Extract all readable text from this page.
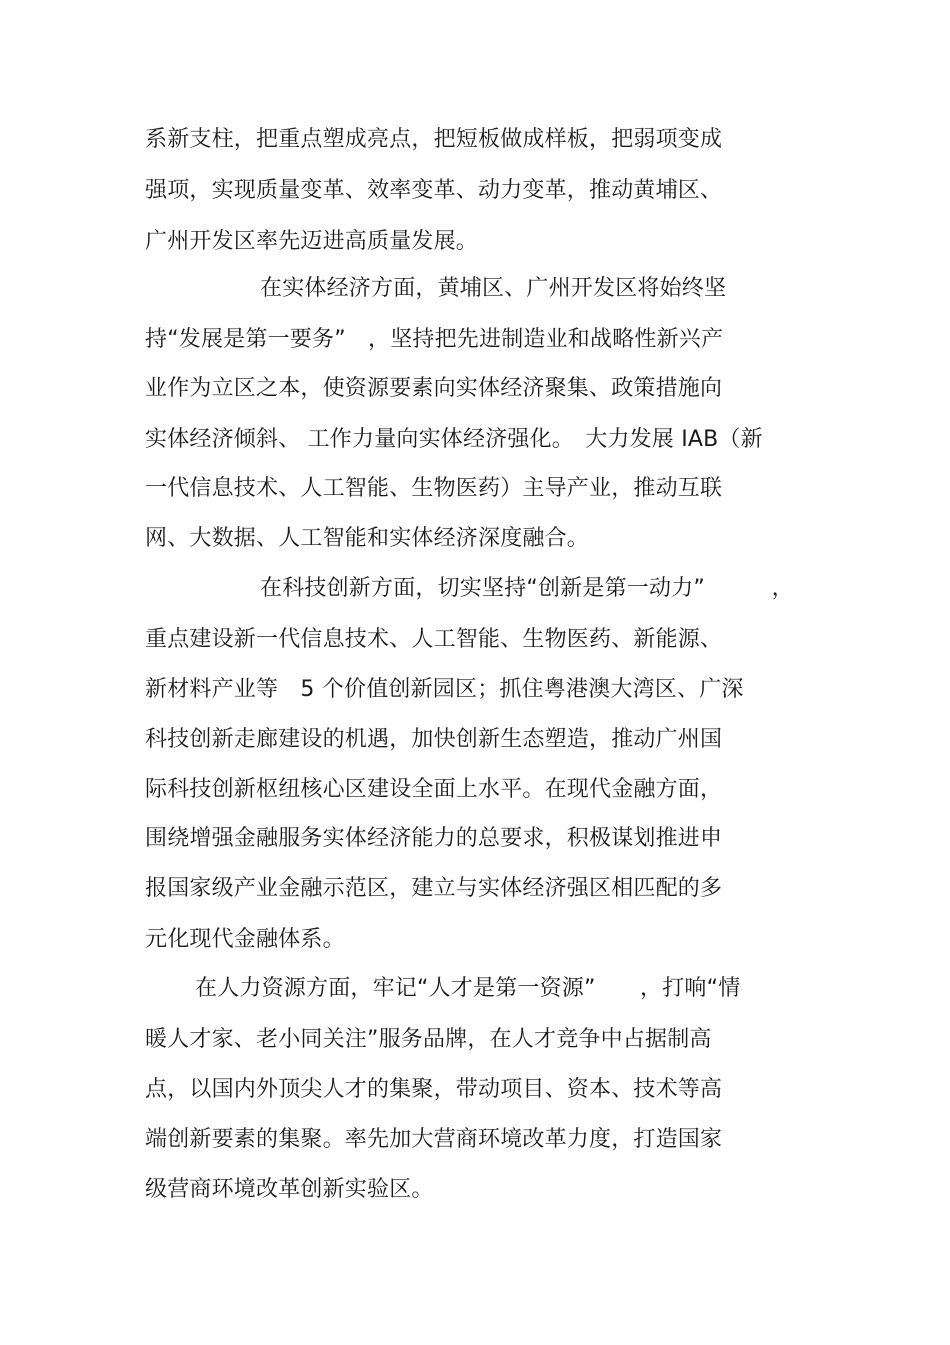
系新支柱，把重点塑成亮点，把短板做成样板，把弱项变成
强项，实现质量变革、效率变革、动力变革，推动黄埔区、
广州开发区率先迈进高质量发展。
在实体经济方面，黄埔区、广州开发区将始终坚
持“发展是第一要务”　，坚持把先进制造业和战略性新兴产
业作为立区之本，使资源要素向实体经济聚集、政策措施向
实体经济倾斜、 工作力量向实体经济强化。　大力发展 IAB（新
一代信息技术、人工智能、生物医药）主导产业，推动互联
网、大数据、人工智能和实体经济深度融合。
在科技创新方面，切实坚持“创新是第一动力”　　　，
重点建设新一代信息技术、人工智能、生物医药、新能源、
新材料产业等　5 个价值创新园区；抓住粤港澳大湾区、广深
科技创新走廊建设的机遇，加快创新生态塑造，推动广州国
际科技创新枢纽核心区建设全面上水平。在现代金融方面，
围绕增强金融服务实体经济能力的总要求，积极谋划推进申
报国家级产业金融示范区，建立与实体经济强区相匹配的多
元化现代金融体系。
在人力资源方面，牢记“人才是第一资源”　　，打响“情
暖人才家、老小同关注”服务品牌，在人才竞争中占据制高
点，以国内外顶尖人才的集聚，带动项目、资本、技术等高
端创新要素的集聚。率先加大营商环境改革力度，打造国家
级营商环境改革创新实验区。
